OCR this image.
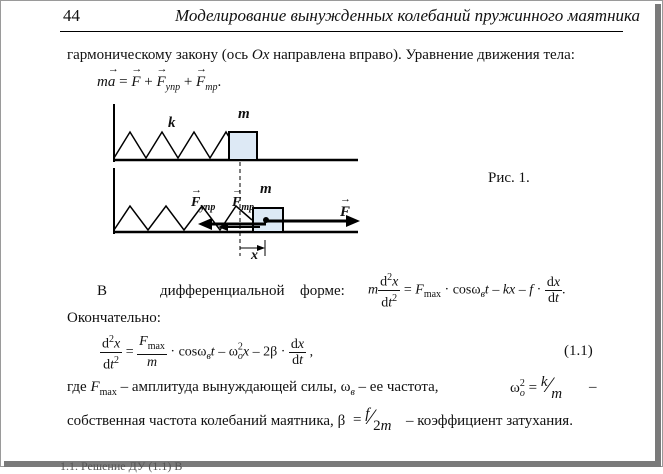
44	Моделирование вынужденных колебаний пружинного маятника
гармоническому закону (ось Ox направлена вправо). Уравнение движения тела:
m→ a = → F + → $F_{упр}$ + → $F_{тр}$.
k
m
m
→ $F_{упр}$
→ $F_{тр}$
→	F
x
Рис. 1.
В	дифференциальной форме: m $\frac{d^2x}{dt^2} = F_{max} \cdot \cos\omega_вt$ – kx – $f \cdot \frac{dx}{dt}$ .
Окончательно:
$\frac{d^2x}{dt^2} = \frac{F_{max}}{m} \cdot \cos\omega_вt - \omega^2_оx - 2\beta \cdot \frac{dx}{dt}$ ,	(1.1)
где $F_{max}$ – амплитуда вынуждающей силы, $\omega_в$ – ее частота,	$\omega^2_о$ = k⁄m –
собственная частота колебаний маятника, β = f⁄2m – коэффициент затухания.
1.1. Решение ДУ (1.1) В
